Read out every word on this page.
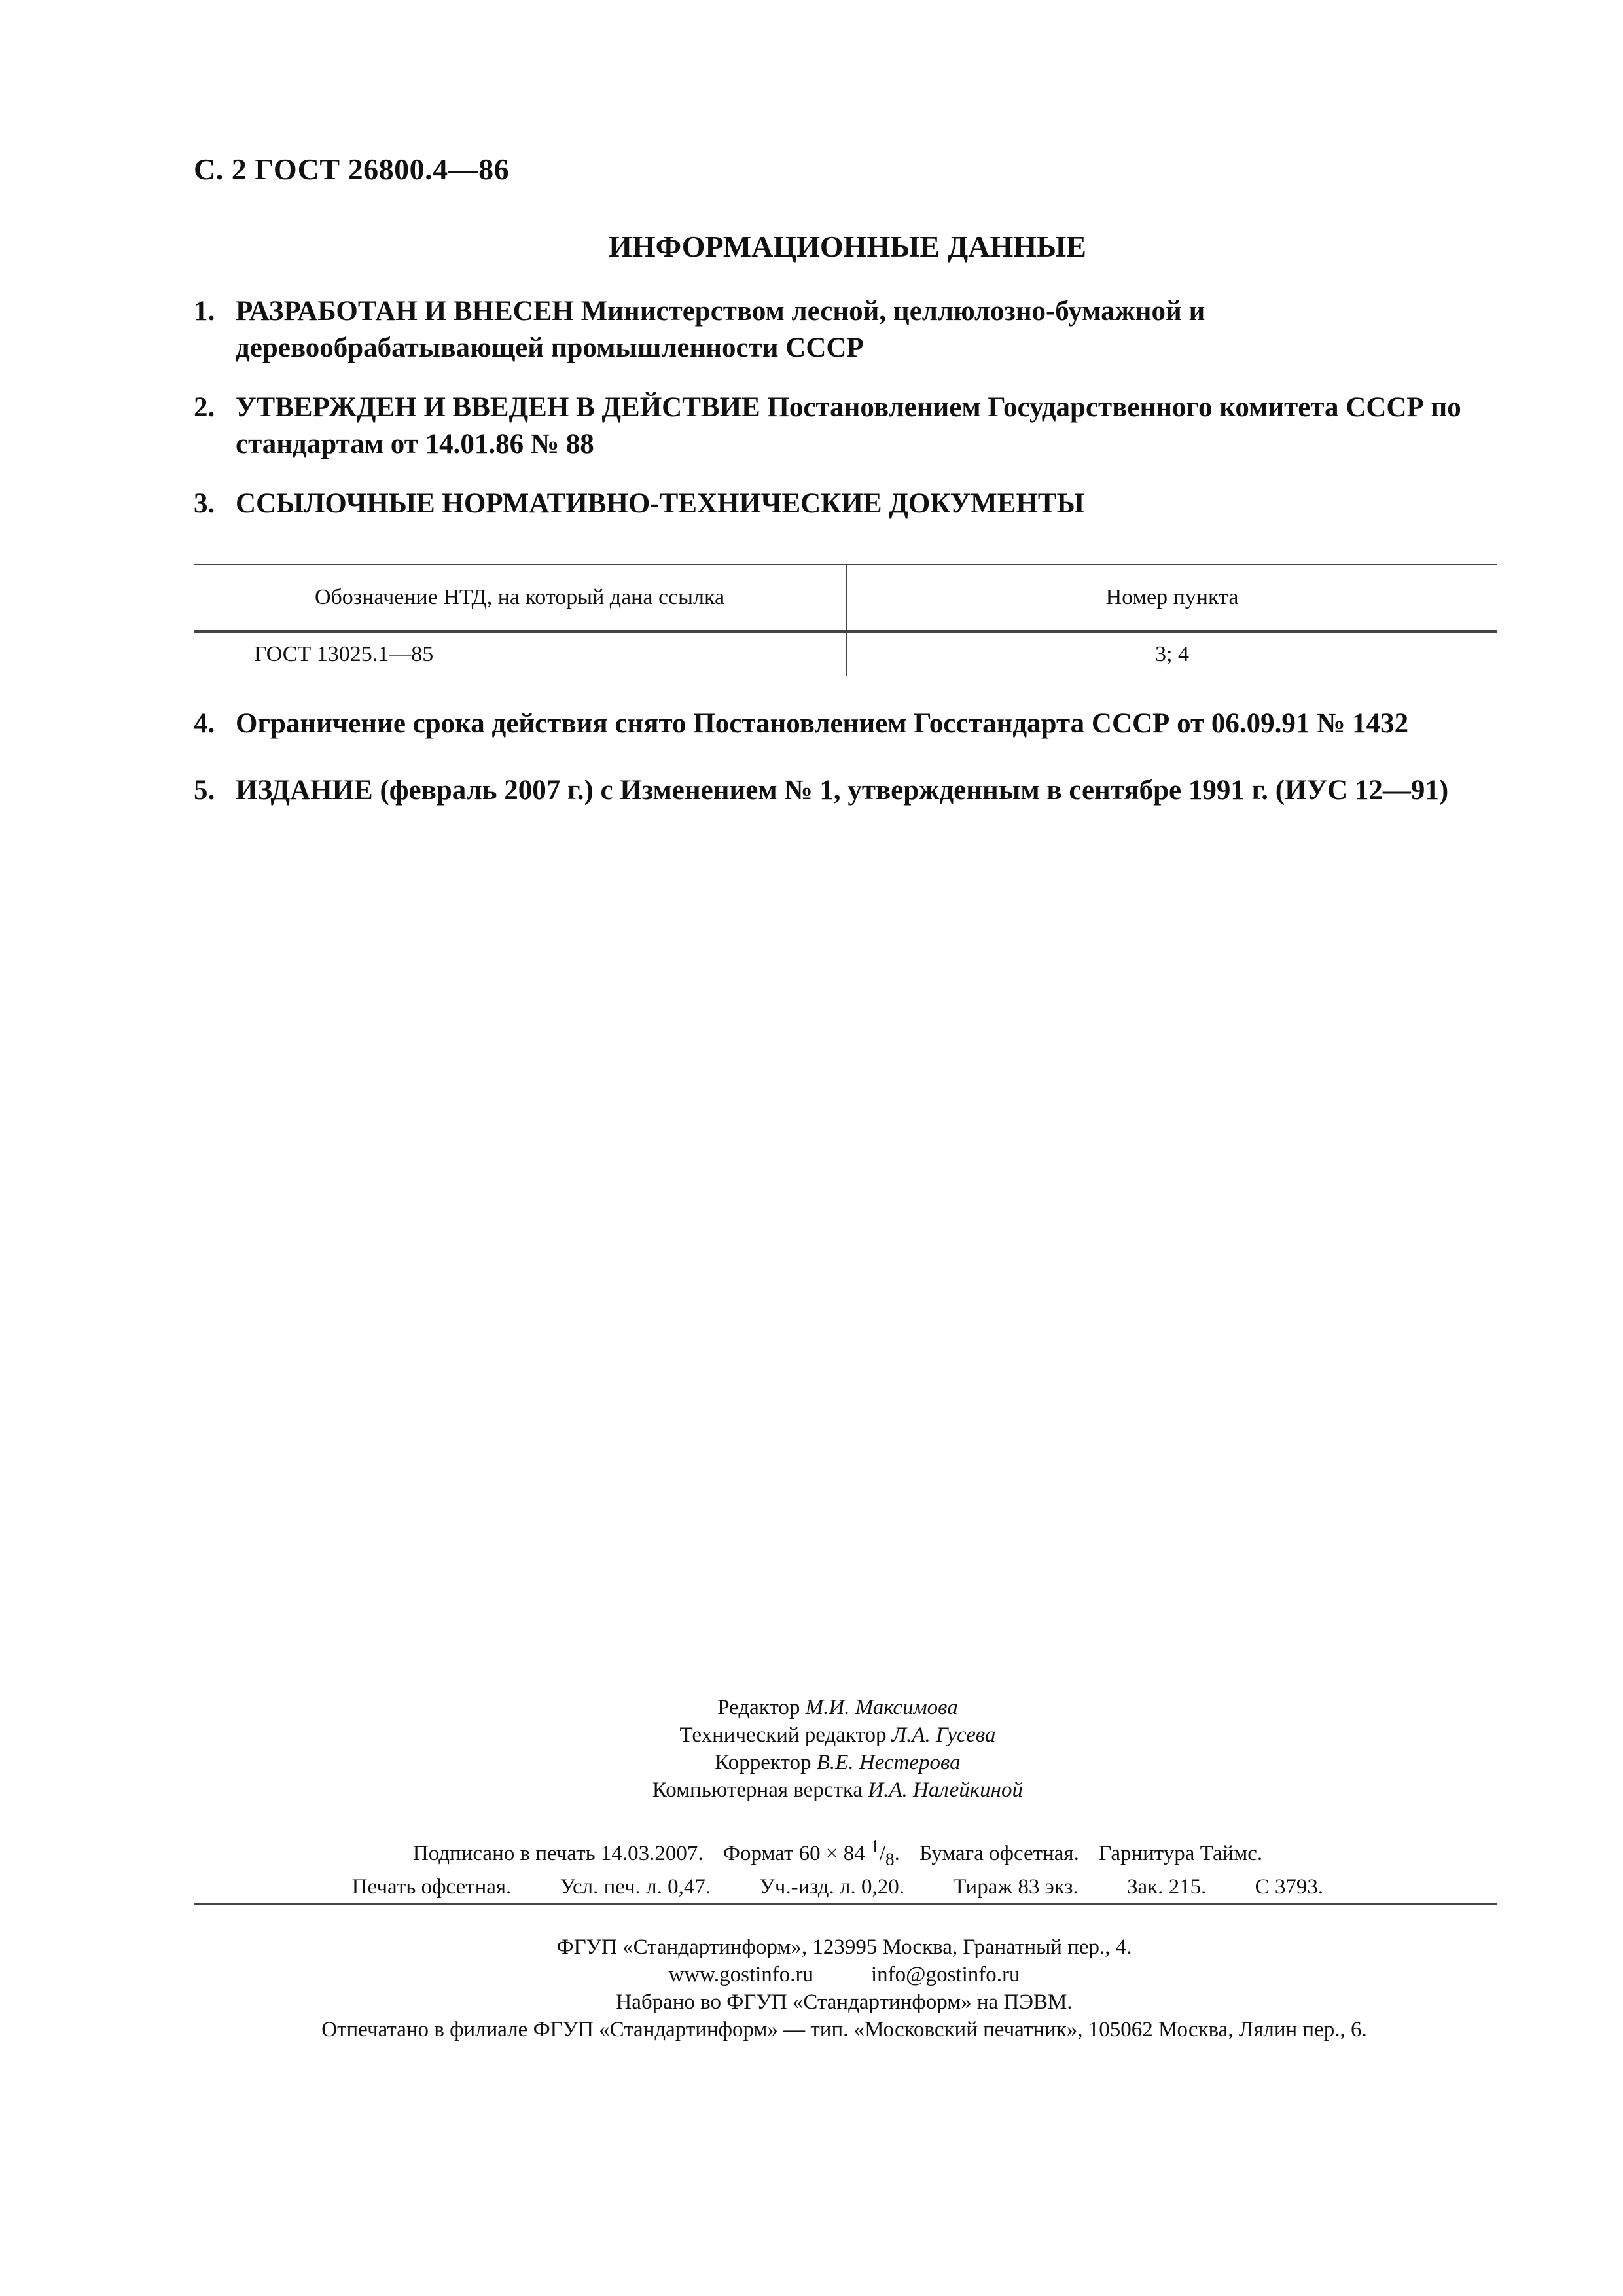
С. 2 ГОСТ 26800.4—86
ИНФОРМАЦИОННЫЕ ДАННЫЕ
1. РАЗРАБОТАН И ВНЕСЕН Министерством лесной, целлюлозно-бумажной и деревообрабатывающей промышленности СССР
2. УТВЕРЖДЕН И ВВЕДЕН В ДЕЙСТВИЕ Постановлением Государственного комитета СССР по стандартам от 14.01.86 № 88
3. ССЫЛОЧНЫЕ НОРМАТИВНО-ТЕХНИЧЕСКИЕ ДОКУМЕНТЫ
Обозначение НТД, на который дана ссылка	Номер пункта
ГОСТ 13025.1—85	3; 4
4. Ограничение срока действия снято Постановлением Госстандарта СССР от 06.09.91 № 1432
5. ИЗДАНИЕ (февраль 2007 г.) с Изменением № 1, утвержденным в сентябре 1991 г. (ИУС 12—91)
Редактор М.И. Максимова
Технический редактор Л.А. Гусева
Корректор В.Е. Нестерова
Компьютерная верстка И.А. Налейкиной
Подписано в печать 14.03.2007. Формат 60 × 84 $^1/_8$. Бумага офсетная. Гарнитура Таймс.
Печать офсетная. Усл. печ. л. 0,47. Уч.-изд. л. 0,20. Тираж 83 экз. Зак. 215. С 3793.
ФГУП «Стандартинформ», 123995 Москва, Гранатный пер., 4.
www.gostinfo.ru	info@gostinfo.ru
Набрано во ФГУП «Стандартинформ» на ПЭВМ.
Отпечатано в филиале ФГУП «Стандартинформ» — тип. «Московский печатник», 105062 Москва, Лялин пер., 6.
